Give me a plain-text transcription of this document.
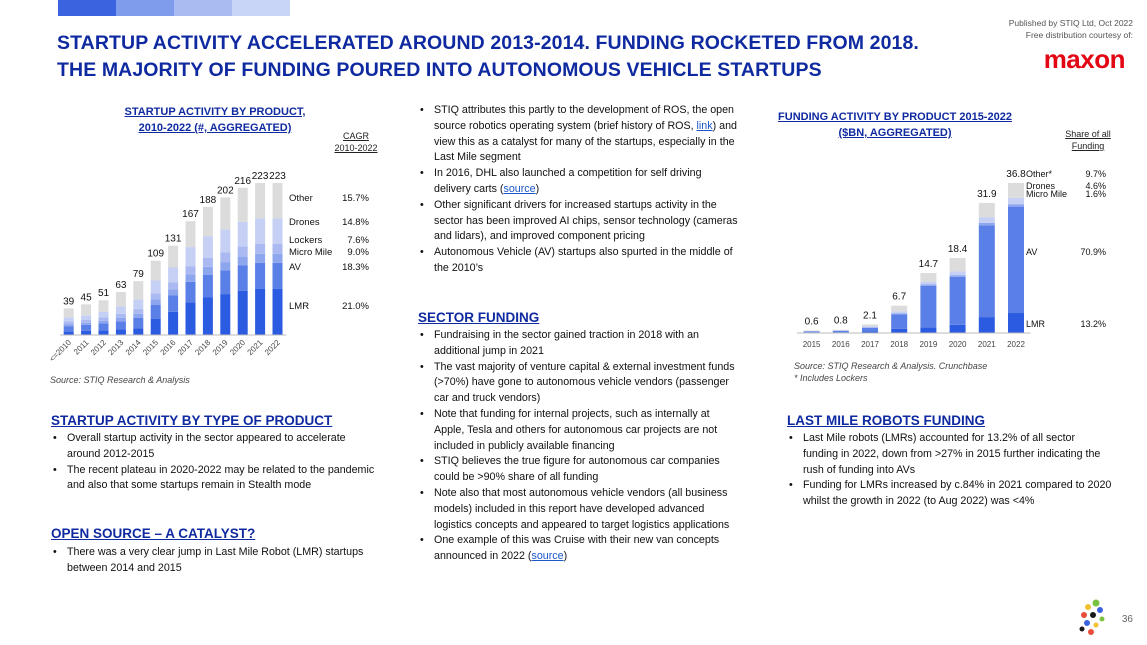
STARTUP ACTIVITY ACCELERATED AROUND 2013-2014. FUNDING ROCKETED FROM 2018.
THE MAJORITY OF FUNDING POURED INTO AUTONOMOUS VEHICLE STARTUPS
Published by STIQ Ltd, Oct 2022
Free distribution courtesy of:
maxon
STARTUP ACTIVITY BY PRODUCT,
2010-2022 (#, AGGREGATED)
CAGR
2010-2022
39
<=2010
45
2011
51
2012
63
2013
79
2014
109
2015
131
2016
167
2017
188
2018
202
2019
216
2020
223
2021
223
2022
LMR	21.0%
AV	18.3%
Micro Mile 9.0%
Lockers	7.6%
Drones 14.8%
Other	15.7%
Source: STIQ Research & Analysis
FUNDING ACTIVITY BY PRODUCT 2015-2022
($BN, AGGREGATED)	Share of all
Funding
0.6
2015
0.8
2016
2.1
2017
6.7
2018
14.7
2019
18.4
2020
31.9
2021
36.8
2022
LMR	13.2%
AV	70.9%
Micro Mile 1.6%
Drones	4.6%
Other*	9.7%
Source: STIQ Research & Analysis. Crunchbase
* Includes Lockers
STARTUP ACTIVITY BY TYPE OF PRODUCT
• Overall startup activity in the sector appeared to accelerate around 2012-2015
• The recent plateau in 2020-2022 may be related to the pandemic and also that some startups remain in Stealth mode
OPEN SOURCE – A CATALYST?
• There was a very clear jump in Last Mile Robot (LMR) startups between 2014 and 2015
• STIQ attributes this partly to the development of ROS, the open source robotics operating system (brief history of ROS, link) and view this as a catalyst for many of the startups, especially in the Last Mile segment
• In 2016, DHL also launched a competition for self driving delivery carts (source)
• Other significant drivers for increased startups activity in the sector has been improved AI chips, sensor technology (cameras and lidars), and improved component pricing
• Autonomous Vehicle (AV) startups also spurted in the middle of the 2010’s
SECTOR FUNDING
• Fundraising in the sector gained traction in 2018 with an additional jump in 2021
• The vast majority of venture capital & external investment funds (>70%) have gone to autonomous vehicle vendors (passenger car and truck vendors)
• Note that funding for internal projects, such as internally at Apple, Tesla and others for autonomous car projects are not included in publicly available financing
• STIQ believes the true figure for autonomous car companies could be >90% share of all funding
• Note also that most autonomous vehicle vendors (all business models) included in this report have developed advanced logistics concepts and appeared to target logistics applications
• One example of this was Cruise with their new van concepts announced in 2022 (source)
LAST MILE ROBOTS FUNDING
• Last Mile robots (LMRs) accounted for 13.2% of all sector funding in 2022, down from >27% in 2015 further indicating the rush of funding into AVs
• Funding for LMRs increased by c.84% in 2021 compared to 2020 whilst the growth in 2022 (to Aug 2022) was <4%
36
